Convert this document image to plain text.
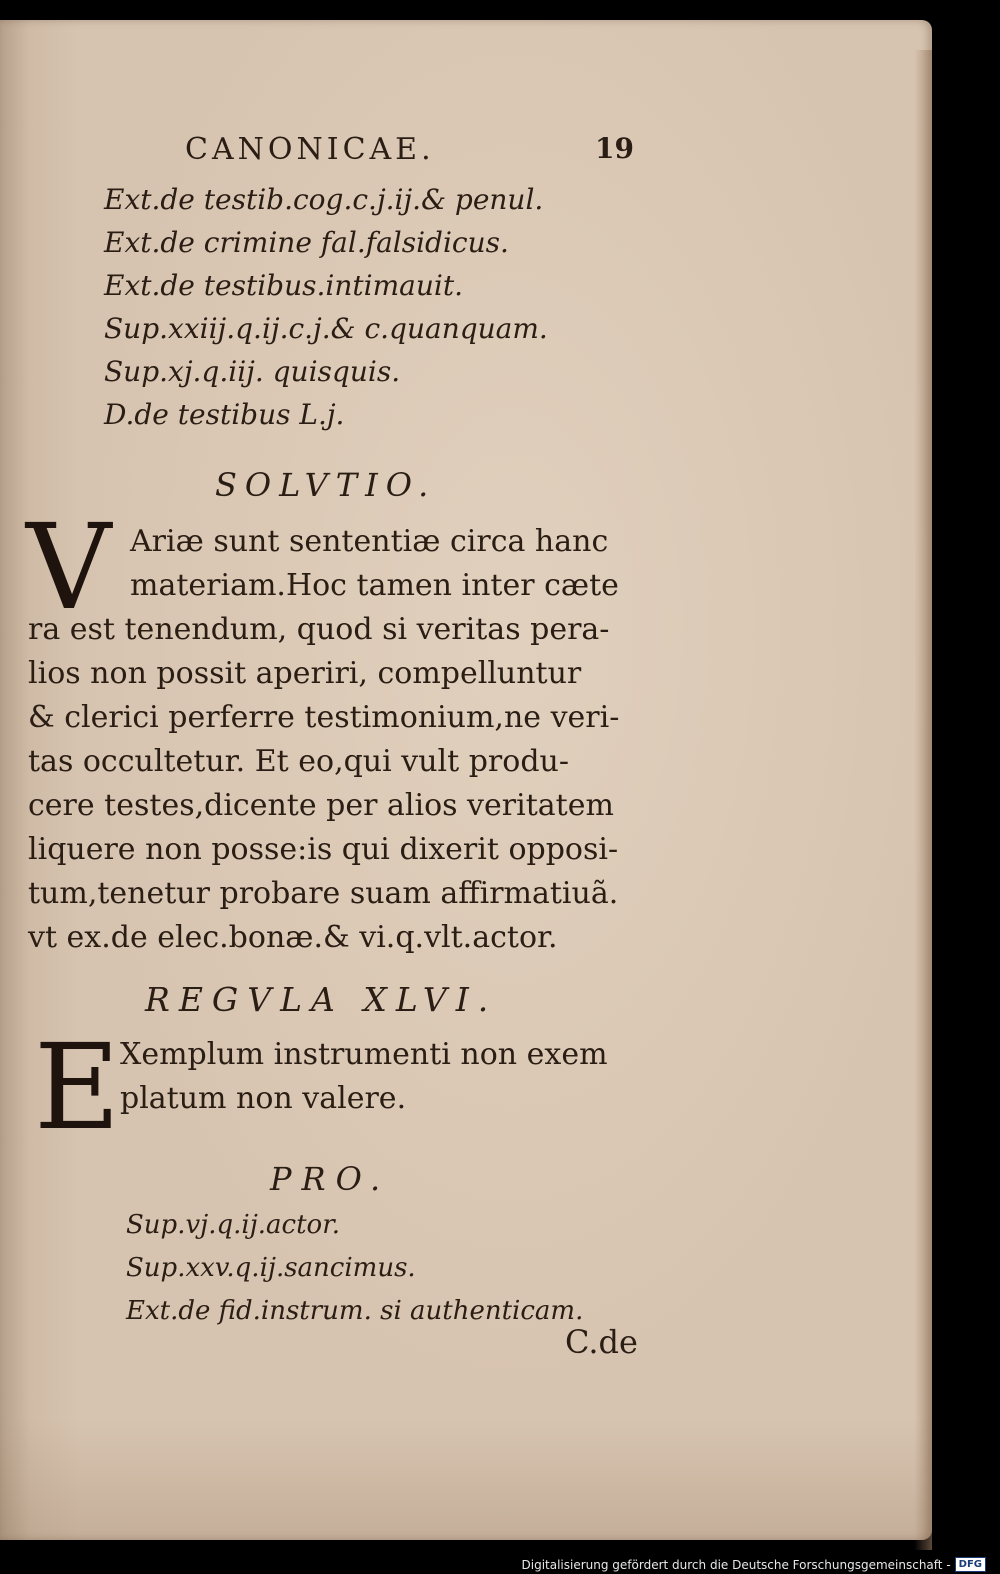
CANONICAE.	19
Ext.de testib.cog.c.j.ij.& penul.
Ext.de crimine fal.falsidicus.
Ext.de testibus.intimauit.
Sup.xxiij.q.ij.c.j.& c.quanquam.
Sup.xj.q.iij. quisquis.
D.de testibus L.j.
SOLVTIO.
V Ariæ sunt sententiæ circa hanc
materiam.Hoc tamen inter cæte
ra est tenendum, quod si veritas pera-
lios non possit aperiri, compelluntur
& clerici perferre testimonium,ne veri-
tas occultetur. Et eo,qui vult produ-
cere testes,dicente per alios veritatem
liquere non posse:is qui dixerit opposi-
tum,tenetur probare suam affirmatiuã.
vt ex.de elec.bonæ.& vi.q.vlt.actor.
REGVLA XLVI.
E Xemplum instrumenti non exem
platum non valere.
PRO.
Sup.vj.q.ij.actor.
Sup.xxv.q.ij.sancimus.
Ext.de fid.instrum. si authenticam.
C.de
Digitalisierung gefördert durch die Deutsche Forschungsgemeinschaft - DFG
